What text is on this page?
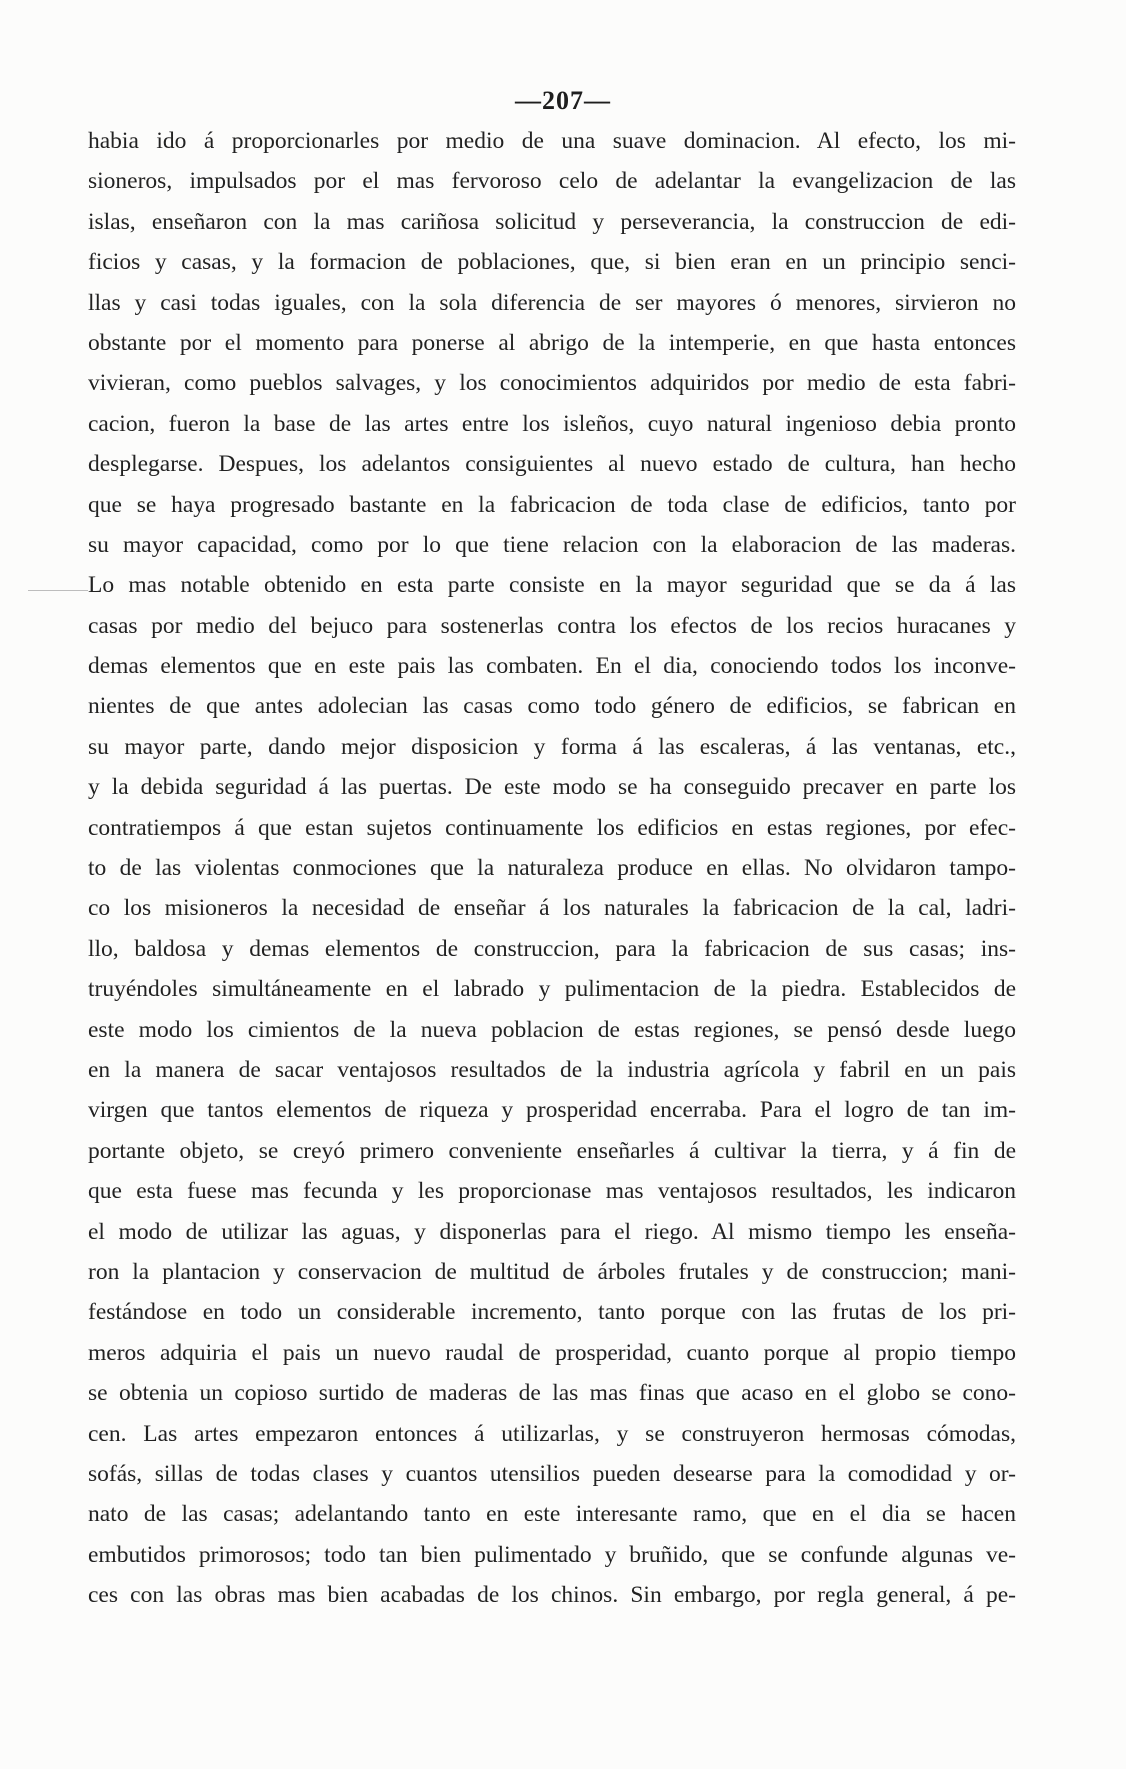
—207—
habia ido á proporcionarles por medio de una suave dominacion. Al efecto, los mi-
sioneros, impulsados por el mas fervoroso celo de adelantar la evangelizacion de las
islas, enseñaron con la mas cariñosa solicitud y perseverancia, la construccion de edi-
ficios y casas, y la formacion de poblaciones, que, si bien eran en un principio senci-
llas y casi todas iguales, con la sola diferencia de ser mayores ó menores, sirvieron no
obstante por el momento para ponerse al abrigo de la intemperie, en que hasta entonces
vivieran, como pueblos salvages, y los conocimientos adquiridos por medio de esta fabri-
cacion, fueron la base de las artes entre los isleños, cuyo natural ingenioso debia pronto
desplegarse. Despues, los adelantos consiguientes al nuevo estado de cultura, han hecho
que se haya progresado bastante en la fabricacion de toda clase de edificios, tanto por
su mayor capacidad, como por lo que tiene relacion con la elaboracion de las maderas.
Lo mas notable obtenido en esta parte consiste en la mayor seguridad que se da á las
casas por medio del bejuco para sostenerlas contra los efectos de los recios huracanes y
demas elementos que en este pais las combaten. En el dia, conociendo todos los inconve-
nientes de que antes adolecian las casas como todo género de edificios, se fabrican en
su mayor parte, dando mejor disposicion y forma á las escaleras, á las ventanas, etc.,
y la debida seguridad á las puertas. De este modo se ha conseguido precaver en parte los
contratiempos á que estan sujetos continuamente los edificios en estas regiones, por efec-
to de las violentas conmociones que la naturaleza produce en ellas. No olvidaron tampo-
co los misioneros la necesidad de enseñar á los naturales la fabricacion de la cal, ladri-
llo, baldosa y demas elementos de construccion, para la fabricacion de sus casas; ins-
truyéndoles simultáneamente en el labrado y pulimentacion de la piedra. Establecidos de
este modo los cimientos de la nueva poblacion de estas regiones, se pensó desde luego
en la manera de sacar ventajosos resultados de la industria agrícola y fabril en un pais
virgen que tantos elementos de riqueza y prosperidad encerraba. Para el logro de tan im-
portante objeto, se creyó primero conveniente enseñarles á cultivar la tierra, y á fin de
que esta fuese mas fecunda y les proporcionase mas ventajosos resultados, les indicaron
el modo de utilizar las aguas, y disponerlas para el riego. Al mismo tiempo les enseña-
ron la plantacion y conservacion de multitud de árboles frutales y de construccion; mani-
festándose en todo un considerable incremento, tanto porque con las frutas de los pri-
meros adquiria el pais un nuevo raudal de prosperidad, cuanto porque al propio tiempo
se obtenia un copioso surtido de maderas de las mas finas que acaso en el globo se cono-
cen. Las artes empezaron entonces á utilizarlas, y se construyeron hermosas cómodas,
sofás, sillas de todas clases y cuantos utensilios pueden desearse para la comodidad y or-
nato de las casas; adelantando tanto en este interesante ramo, que en el dia se hacen
embutidos primorosos; todo tan bien pulimentado y bruñido, que se confunde algunas ve-
ces con las obras mas bien acabadas de los chinos. Sin embargo, por regla general, á pe-
